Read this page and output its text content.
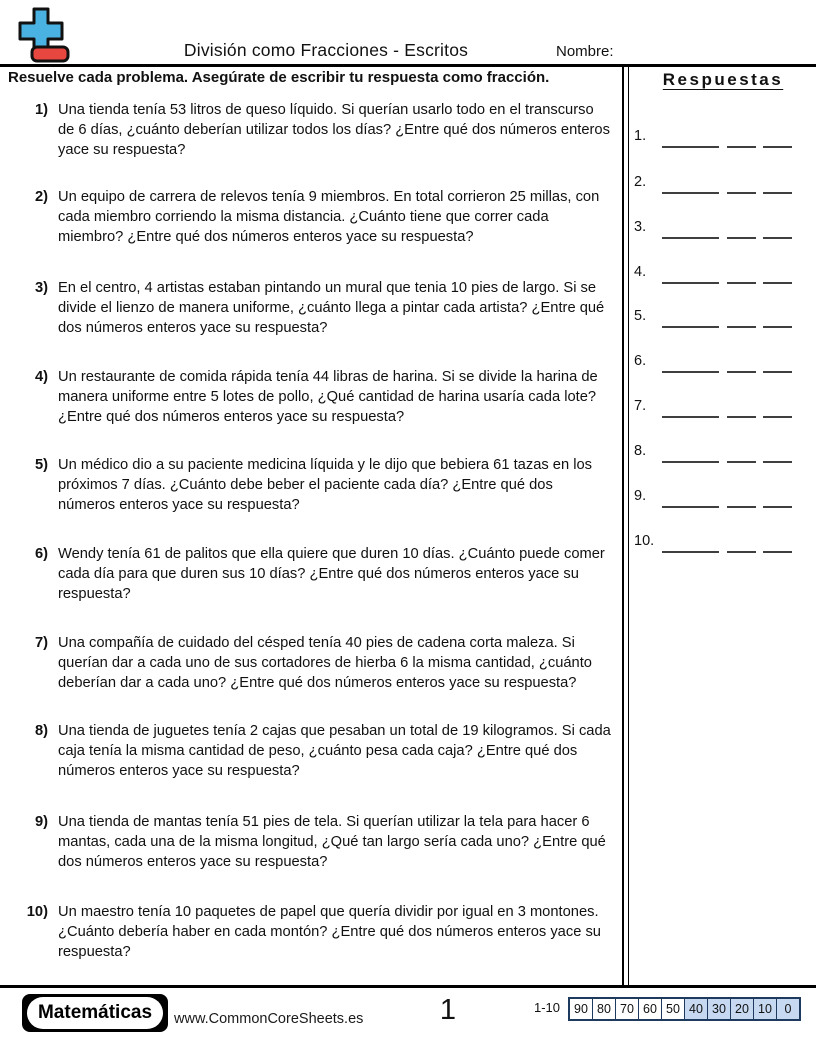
División como Fracciones - Escritos	Nombre:
Resuelve cada problema. Asegúrate de escribir tu respuesta como fracción.	Respuestas
1) Una tienda tenía 53 litros de queso líquido. Si querían usarlo todo en el transcurso de 6 días, ¿cuánto deberían utilizar todos los días? ¿Entre qué dos números enteros yace su respuesta?
2) Un equipo de carrera de relevos tenía 9 miembros. En total corrieron 25 millas, con cada miembro corriendo la misma distancia. ¿Cuánto tiene que correr cada miembro? ¿Entre qué dos números enteros yace su respuesta?
3) En el centro, 4 artistas estaban pintando un mural que tenia 10 pies de largo. Si se divide el lienzo de manera uniforme, ¿cuánto llega a pintar cada artista? ¿Entre qué dos números enteros yace su respuesta?
4) Un restaurante de comida rápida tenía 44 libras de harina. Si se divide la harina de manera uniforme entre 5 lotes de pollo, ¿Qué cantidad de harina usaría cada lote? ¿Entre qué dos números enteros yace su respuesta?
5) Un médico dio a su paciente medicina líquida y le dijo que bebiera 61 tazas en los próximos 7 días. ¿Cuánto debe beber el paciente cada día? ¿Entre qué dos números enteros yace su respuesta?
6) Wendy tenía 61 de palitos que ella quiere que duren 10 días. ¿Cuánto puede comer cada día para que duren sus 10 días? ¿Entre qué dos números enteros yace su respuesta?
7) Una compañía de cuidado del césped tenía 40 pies de cadena corta maleza. Si querían dar a cada uno de sus cortadores de hierba 6 la misma cantidad, ¿cuánto deberían dar a cada uno? ¿Entre qué dos números enteros yace su respuesta?
8) Una tienda de juguetes tenía 2 cajas que pesaban un total de 19 kilogramos. Si cada caja tenía la misma cantidad de peso, ¿cuánto pesa cada caja? ¿Entre qué dos números enteros yace su respuesta?
9) Una tienda de mantas tenía 51 pies de tela. Si querían utilizar la tela para hacer 6 mantas, cada una de la misma longitud, ¿Qué tan largo sería cada uno? ¿Entre qué dos números enteros yace su respuesta?
10) Un maestro tenía 10 paquetes de papel que quería dividir por igual en 3 montones. ¿Cuánto debería haber en cada montón? ¿Entre qué dos números enteros yace su respuesta?
1.
2.
3.
4.
5.
6.
7.
8.
9.
10.
Matemáticas	www.CommonCoreSheets.es	1	1-10	90 80 70 60 50 40 30 20 10	0
